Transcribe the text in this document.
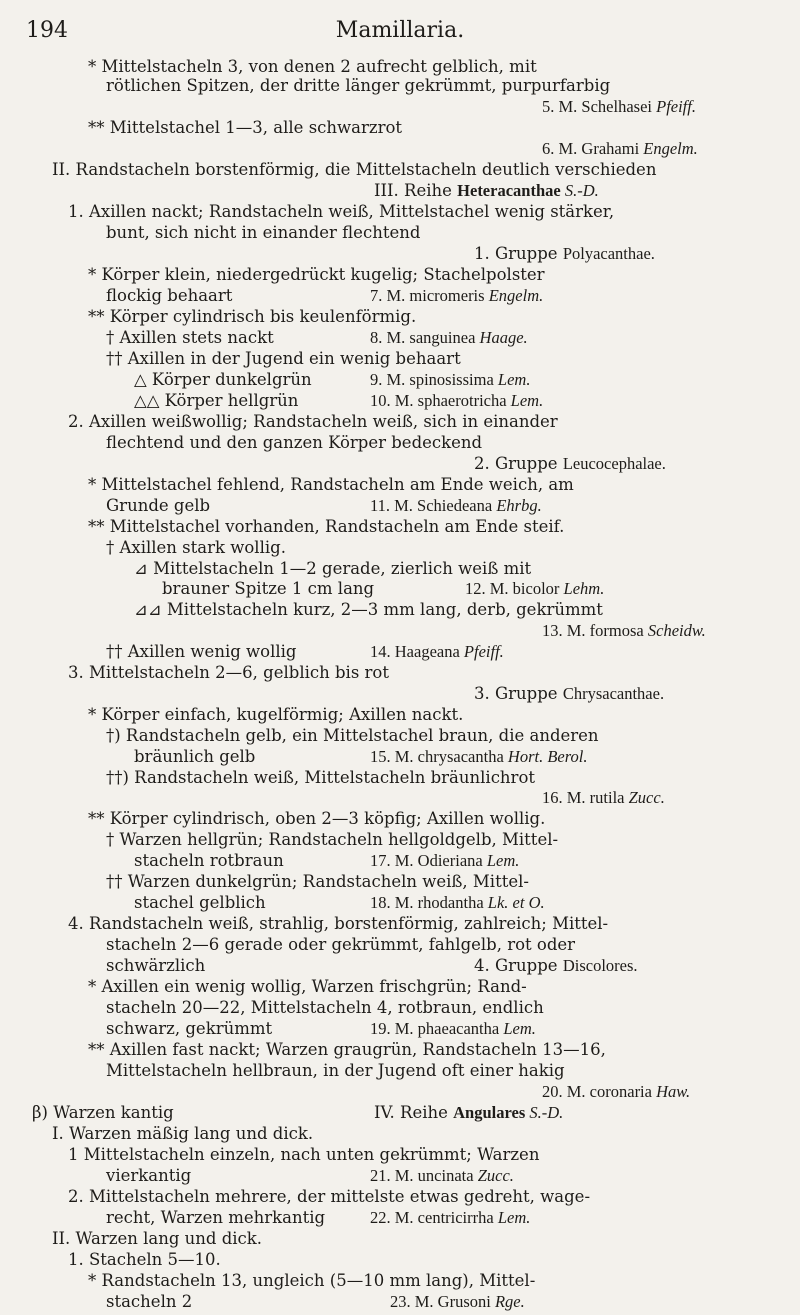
194	Mamillaria.
* Mittelstacheln 3, von denen 2 aufrecht gelblich, mit
rötlichen Spitzen, der dritte länger gekrümmt, purpurfarbig
5. M. Schelhasei Pfeiff.
** Mittelstachel 1—3, alle schwarzrot
6. M. Grahami Engelm.
II. Randstacheln borstenförmig, die Mittelstacheln deutlich verschieden
III. Reihe Heteracanthae S.-D.
1. Axillen nackt; Randstacheln weiß, Mittelstachel wenig stärker,
bunt, sich nicht in einander flechtend
1. Gruppe Polyacanthae.
* Körper klein, niedergedrückt kugelig; Stachelpolster
flockig behaart	7. M. micromeris Engelm.
** Körper cylindrisch bis keulenförmig.
† Axillen stets nackt	8. M. sanguinea Haage.
†† Axillen in der Jugend ein wenig behaart
△ Körper dunkelgrün	9. M. spinosissima Lem.
△△ Körper hellgrün	10. M. sphaerotricha Lem.
2. Axillen weißwollig; Randstacheln weiß, sich in einander
flechtend und den ganzen Körper bedeckend
2. Gruppe Leucocephalae.
* Mittelstachel fehlend, Randstacheln am Ende weich, am
Grunde gelb	11. M. Schiedeana Ehrbg.
** Mittelstachel vorhanden, Randstacheln am Ende steif.
† Axillen stark wollig.
⊿ Mittelstacheln 1—2 gerade, zierlich weiß mit
brauner Spitze 1 cm lang	12. M. bicolor Lehm.
⊿⊿ Mittelstacheln kurz, 2—3 mm lang, derb, gekrümmt
13. M. formosa Scheidw.
†† Axillen wenig wollig	14. Haageana Pfeiff.
3. Mittelstacheln 2—6, gelblich bis rot
3. Gruppe Chrysacanthae.
* Körper einfach, kugelförmig; Axillen nackt.
†) Randstacheln gelb, ein Mittelstachel braun, die anderen
bräunlich gelb	15. M. chrysacantha Hort. Berol.
††) Randstacheln weiß, Mittelstacheln bräunlichrot
16. M. rutila Zucc.
** Körper cylindrisch, oben 2—3 köpfig; Axillen wollig.
† Warzen hellgrün; Randstacheln hellgoldgelb, Mittel-
stacheln rotbraun	17. M. Odieriana Lem.
†† Warzen dunkelgrün; Randstacheln weiß, Mittel-
stachel gelblich	18. M. rhodantha Lk. et O.
4. Randstacheln weiß, strahlig, borstenförmig, zahlreich; Mittel-
stacheln 2—6 gerade oder gekrümmt, fahlgelb, rot oder
schwärzlich	4. Gruppe Discolores.
* Axillen ein wenig wollig, Warzen frischgrün; Rand-
stacheln 20—22, Mittelstacheln 4, rotbraun, endlich
schwarz, gekrümmt	19. M. phaeacantha Lem.
** Axillen fast nackt; Warzen graugrün, Randstacheln 13—16,
Mittelstacheln hellbraun, in der Jugend oft einer hakig
20. M. coronaria Haw.
β) Warzen kantig	IV. Reihe Angulares S.-D.
I. Warzen mäßig lang und dick.
1 Mittelstacheln einzeln, nach unten gekrümmt; Warzen
vierkantig	21. M. uncinata Zucc.
2. Mittelstacheln mehrere, der mittelste etwas gedreht, wage-
recht, Warzen mehrkantig	22. M. centricirrha Lem.
II. Warzen lang und dick.
1. Stacheln 5—10.
* Randstacheln 13, ungleich (5—10 mm lang), Mittel-
stacheln 2	23. M. Grusoni Rge.
